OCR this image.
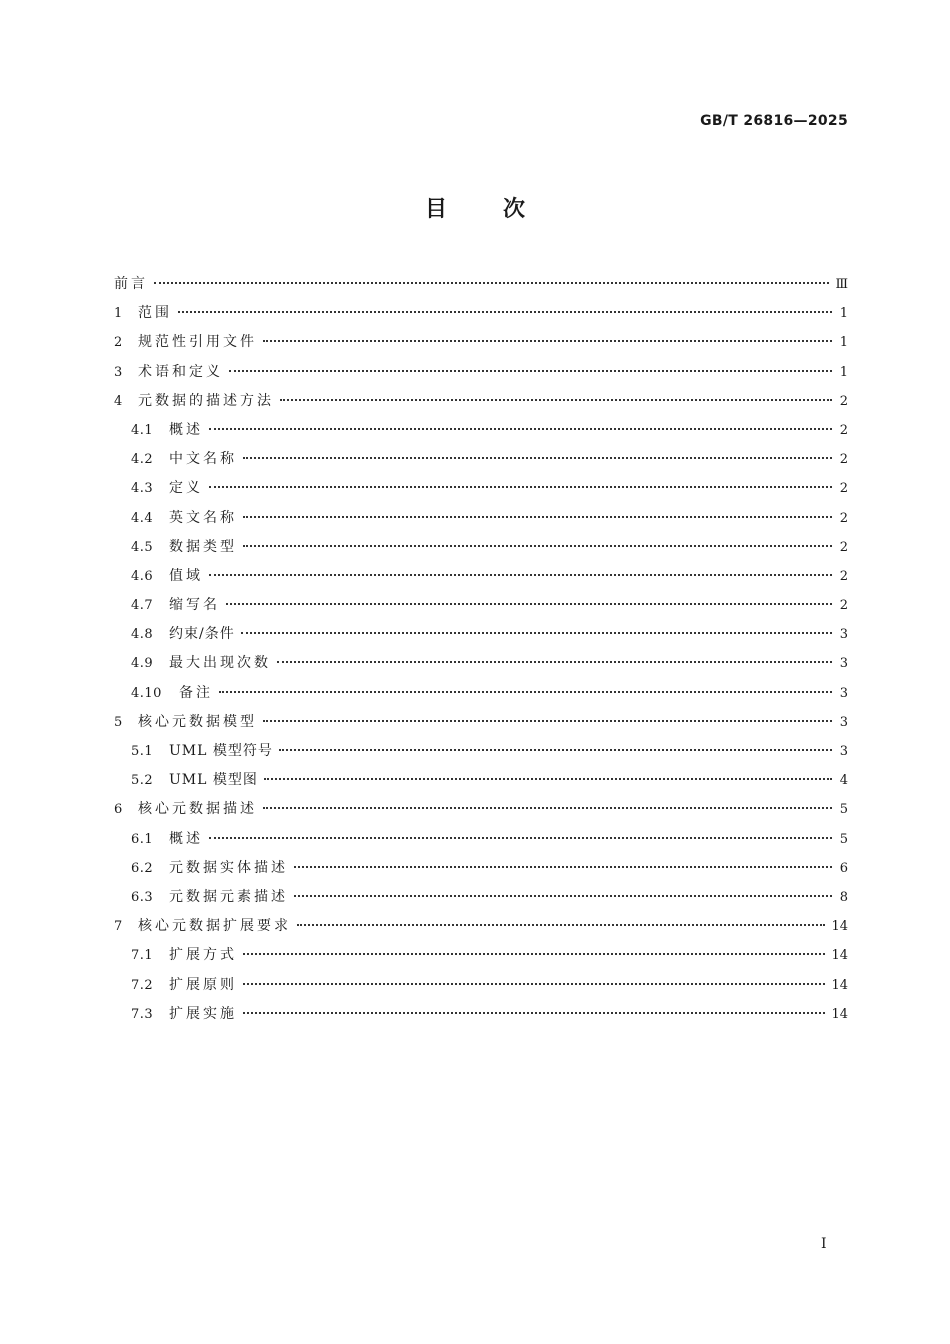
GB/T 26816—2025
目	次
前言	Ⅲ
1	范围	1
2	规范性引用文件	1
3	术语和定义	1
4	元数据的描述方法	2
4.1	概述	2
4.2	中文名称	2
4.3	定义	2
4.4	英文名称	2
4.5	数据类型	2
4.6	值域	2
4.7	缩写名	2
4.8	约束/条件	3
4.9	最大出现次数	3
4.10	备注	3
5	核心元数据模型	3
5.1	UML 模型符号	3
5.2	UML 模型图	4
6	核心元数据描述	5
6.1	概述	5
6.2	元数据实体描述	6
6.3	元数据元素描述	8
7	核心元数据扩展要求	14
7.1	扩展方式	14
7.2	扩展原则	14
7.3	扩展实施	14
Ⅰ
